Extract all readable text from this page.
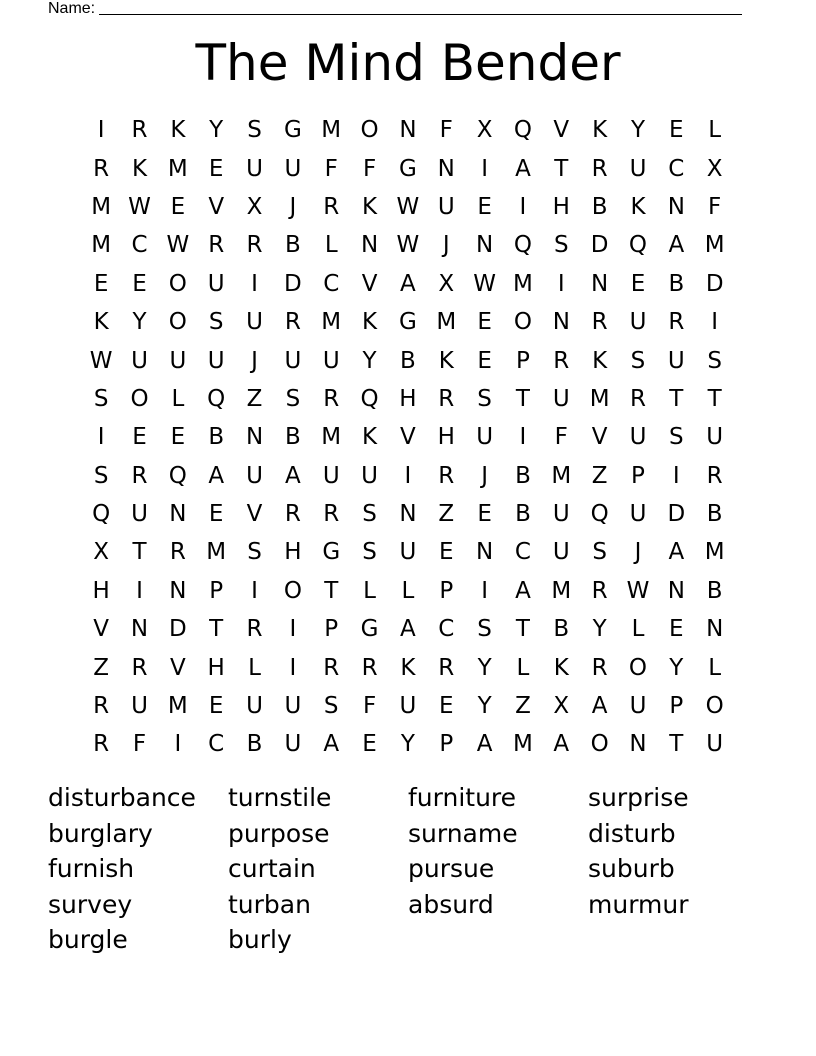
Name:
The Mind Bender
I	R K	Y	S G M O N	F	X Q V K	Y	E	L
R K M E U U	F	F G N	I	A	T	R U C X
M W E	V X	J	R K W U E	I	H B K N	F
M C W R R B	L	N W	J	N Q S D Q A M
E	E O U	I	D C V A X W M	I	N E	B D
K	Y O S U R M K G M E O N R U R	I
W U U U	J	U U Y	B K	E	P	R K	S U S
S O L Q Z	S	R Q H R	S	T U M R	T	T
I	E	E	B N B M K V H U	I	F	V U S U
S	R Q A U A U U	I	R	J	B M Z	P	I	R
Q U N E	V R R	S N Z	E	B U Q U D B
X	T	R M S H G S U E N C U S	J	A M
H	I	N P	I	O T	L	L	P	I	A M R W N B
V N D T	R	I	P G A C	S	T	B	Y	L	E N
Z R V H	L	I	R R K R	Y	L	K R O Y	L
R U M E U U S	F	U E	Y	Z X A U P O
R	F	I	C B U A	E	Y	P	A M A O N T U
disturbance	turnstile	furniture	surprise
burglary	purpose	surname	disturb
furnish	curtain	pursue	suburb
survey	turban	absurd	murmur
burgle	burly
